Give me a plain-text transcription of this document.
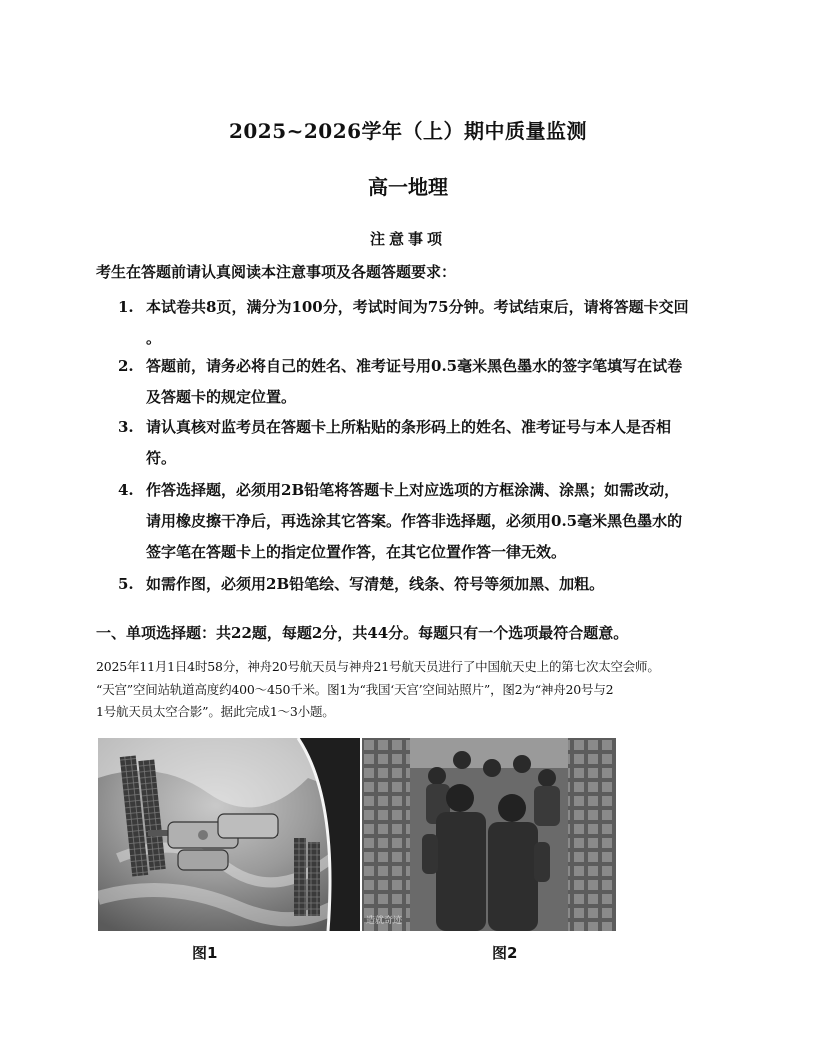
2025~2026学年（上）期中质量监测
高一地理
注意事项
考生在答题前请认真阅读本注意事项及各题答题要求：
1. 本试卷共8页，满分为100分，考试时间为75分钟。考试结束后，请将答题卡交回
。
2. 答题前，请务必将自己的姓名、准考证号用0.5毫米黑色墨水的签字笔填写在试卷
及答题卡的规定位置。
3. 请认真核对监考员在答题卡上所粘贴的条形码上的姓名、准考证号与本人是否相
符。
4. 作答选择题，必须用2B铅笔将答题卡上对应选项的方框涂满、涂黑；如需改动，
请用橡皮擦干净后，再选涂其它答案。作答非选择题，必须用0.5毫米黑色墨水的
签字笔在答题卡上的指定位置作答，在其它位置作答一律无效。
5. 如需作图，必须用2B铅笔绘、写清楚，线条、符号等须加黑、加粗。
一、单项选择题：共22题，每题2分，共44分。每题只有一个选项最符合题意。
2025年11月1日4时58分，神舟20号航天员与神舟21号航天员进行了中国航天史上的第七次太空会师。
“天宫”空间站轨道高度约400～450千米。图1为“我国‘天宫’空间站照片”，图2为“神舟20号与2
1号航天员太空合影”。据此完成1～3小题。
造就奇迹
图1	图2
